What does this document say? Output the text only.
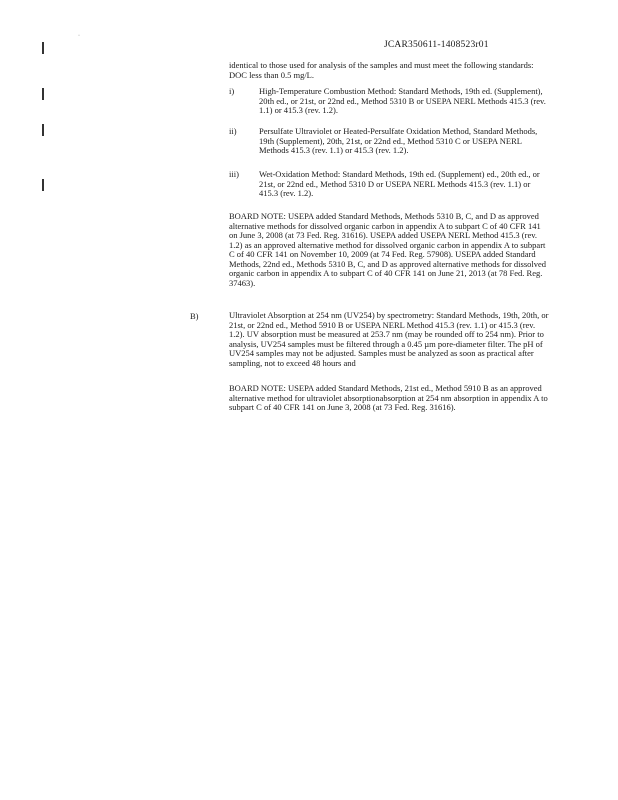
·
JCAR350611-1408523r01

identical to those used for analysis of the samples and must meet the following standards: DOC less than 0.5 mg/L.

i)	High-Temperature Combustion Method: Standard Methods, 19th ed. (Supplement), 20th ed., or 21st, or 22nd ed., Method 5310 B or USEPA NERL Methods 415.3 (rev. 1.1) or 415.3 (rev. 1.2).

ii)	Persulfate Ultraviolet or Heated-Persulfate Oxidation Method, Standard Methods, 19th (Supplement), 20th, 21st, or 22nd ed., Method 5310 C or USEPA NERL Methods 415.3 (rev. 1.1) or 415.3 (rev. 1.2).

iii)	Wet-Oxidation Method: Standard Methods, 19th ed. (Supplement) ed., 20th ed., or 21st, or 22nd ed., Method 5310 D or USEPA NERL Methods 415.3 (rev. 1.1) or 415.3 (rev. 1.2).

BOARD NOTE: USEPA added Standard Methods, Methods 5310 B, C, and D as approved alternative methods for dissolved organic carbon in appendix A to subpart C of 40 CFR 141 on June 3, 2008 (at 73 Fed. Reg. 31616). USEPA added USEPA NERL Method 415.3 (rev. 1.2) as an approved alternative method for dissolved organic carbon in appendix A to subpart C of 40 CFR 141 on November 10, 2009 (at 74 Fed. Reg. 57908). USEPA added Standard Methods, 22nd ed., Methods 5310 B, C, and D as approved alternative methods for dissolved organic carbon in appendix A to subpart C of 40 CFR 141 on June 21, 2013 (at 78 Fed. Reg. 37463).

B)	Ultraviolet Absorption at 254 nm (UV254) by spectrometry: Standard Methods, 19th, 20th, or 21st, or 22nd ed., Method 5910 B or USEPA NERL Method 415.3 (rev. 1.1) or 415.3 (rev. 1.2). UV absorption must be measured at 253.7 nm (may be rounded off to 254 nm). Prior to analysis, UV254 samples must be filtered through a 0.45 µm pore-diameter filter. The pH of UV254 samples may not be adjusted. Samples must be analyzed as soon as practical after sampling, not to exceed 48 hours and

BOARD NOTE: USEPA added Standard Methods, 21st ed., Method 5910 B as an approved alternative method for ultraviolet absorptionabsorption at 254 nm absorption in appendix A to subpart C of 40 CFR 141 on June 3, 2008 (at 73 Fed. Reg. 31616).
